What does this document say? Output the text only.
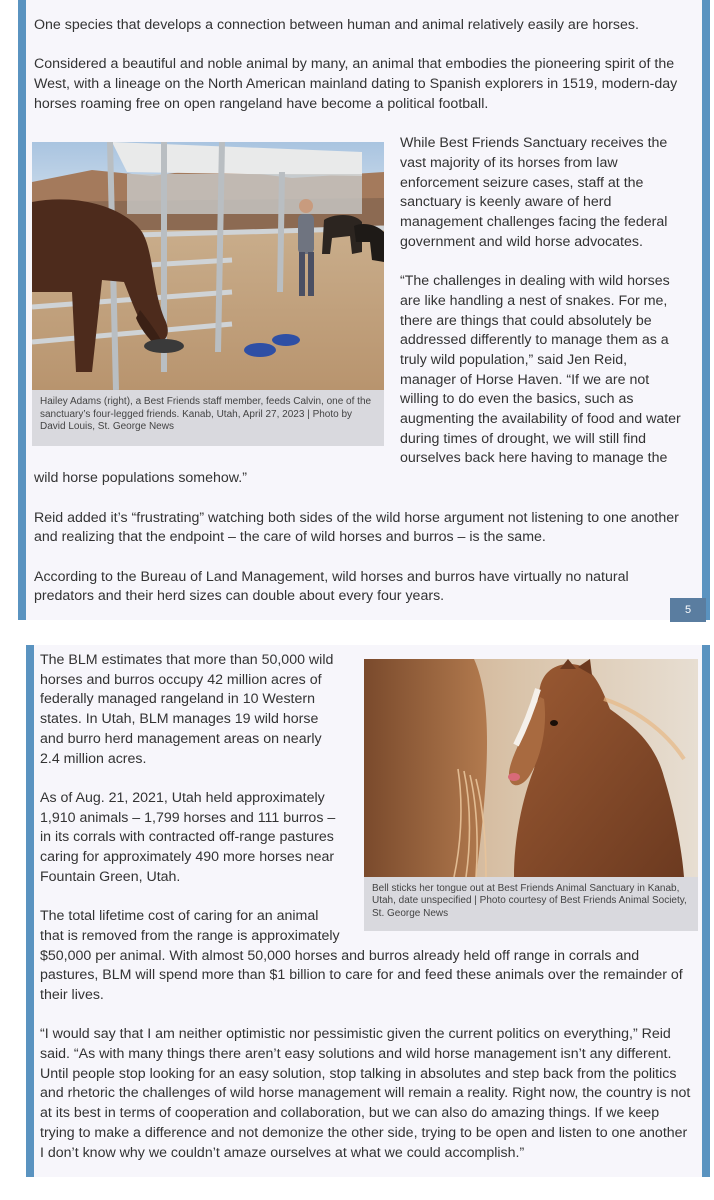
One species that develops a connection between human and animal relatively easily are horses.

Considered a beautiful and noble animal by many, an animal that embodies the pioneering spirit of the West, with a lineage on the North American mainland dating to Spanish explorers in 1519, modern-day horses roaming free on open rangeland have become a political football.

Hailey Adams (right), a Best Friends staff member, feeds Calvin, one of the sanctuary’s four-legged friends. Kanab, Utah, April 27, 2023 | Photo by David Louis, St. George News

While Best Friends Sanctuary receives the vast majority of its horses from law enforcement seizure cases, staff at the sanctuary is keenly aware of herd management challenges facing the federal government and wild horse advocates.

“The challenges in dealing with wild horses are like handling a nest of snakes. For me, there are things that could absolutely be addressed differently to manage them as a truly wild population,” said Jen Reid, manager of Horse Haven. “If we are not willing to do even the basics, such as augmenting the availability of food and water during times of drought, we will still find ourselves back here having to manage the wild horse populations somehow.”

Reid added it’s “frustrating” watching both sides of the wild horse argument not listening to one another and realizing that the endpoint – the care of wild horses and burros – is the same.

According to the Bureau of Land Management, wild horses and burros have virtually no natural predators and their herd sizes can double about every four years.

5
Bell sticks her tongue out at Best Friends Animal Sanctuary in Kanab, Utah, date unspecified | Photo courtesy of Best Friends Animal Society, St. George News

The BLM estimates that more than 50,000 wild horses and burros occupy 42 million acres of federally managed rangeland in 10 Western states. In Utah, BLM manages 19 wild horse and burro herd management areas on nearly 2.4 million acres.

As of Aug. 21, 2021, Utah held approximately 1,910 animals – 1,799 horses and 111 burros – in its corrals with contracted off-range pastures caring for approximately 490 more horses near Fountain Green, Utah.

The total lifetime cost of caring for an animal that is removed from the range is approximately $50,000 per animal. With almost 50,000 horses and burros already held off range in corrals and pastures, BLM will spend more than $1 billion to care for and feed these animals over the remainder of their lives.

“I would say that I am neither optimistic nor pessimistic given the current politics on everything,” Reid said. “As with many things there aren’t easy solutions and wild horse management isn’t any different. Until people stop looking for an easy solution, stop talking in absolutes and step back from the politics and rhetoric the challenges of wild horse management will remain a reality. Right now, the country is not at its best in terms of cooperation and collaboration, but we can also do amazing things. If we keep trying to make a difference and not demonize the other side, trying to be open and listen to one another I don’t know why we couldn’t amaze ourselves at what we could accomplish.”
